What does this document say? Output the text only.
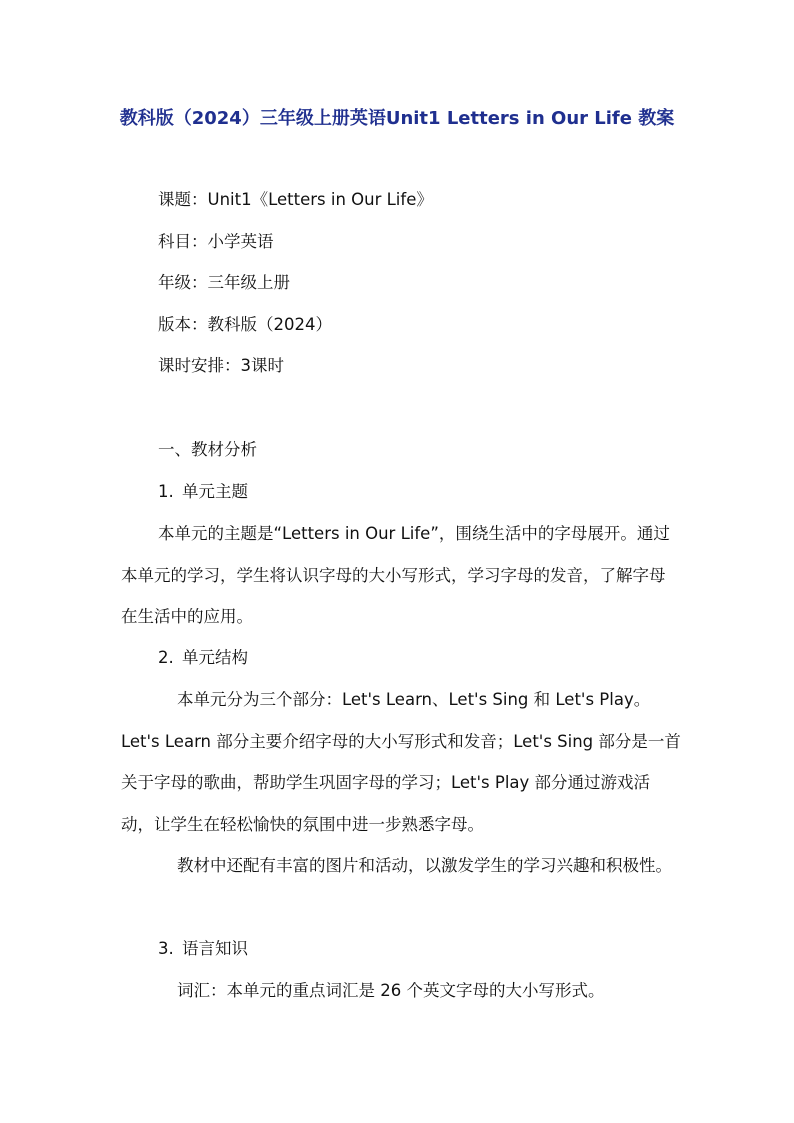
教科版（2024）三年级上册英语Unit1 Letters in Our Life 教案
课题：Unit1《Letters in Our Life》
科目：小学英语
年级：三年级上册
版本：教科版（2024）
课时安排：3课时
一、教材分析
1. 单元主题

本单元的主题是“Letters in Our Life”，围绕生活中的字母展开。通过本单元的学习，学生将认识字母的大小写形式，学习字母的发音，了解字母在生活中的应用。

2. 单元结构

本单元分为三个部分：Let's Learn、Let's Sing 和 Let's Play。Let's Learn 部分主要介绍字母的大小写形式和发音；Let's Sing 部分是一首关于字母的歌曲，帮助学生巩固字母的学习；Let's Play 部分通过游戏活动，让学生在轻松愉快的氛围中进一步熟悉字母。

教材中还配有丰富的图片和活动，以激发学生的学习兴趣和积极性。

3. 语言知识

词汇：本单元的重点词汇是 26 个英文字母的大小写形式。
